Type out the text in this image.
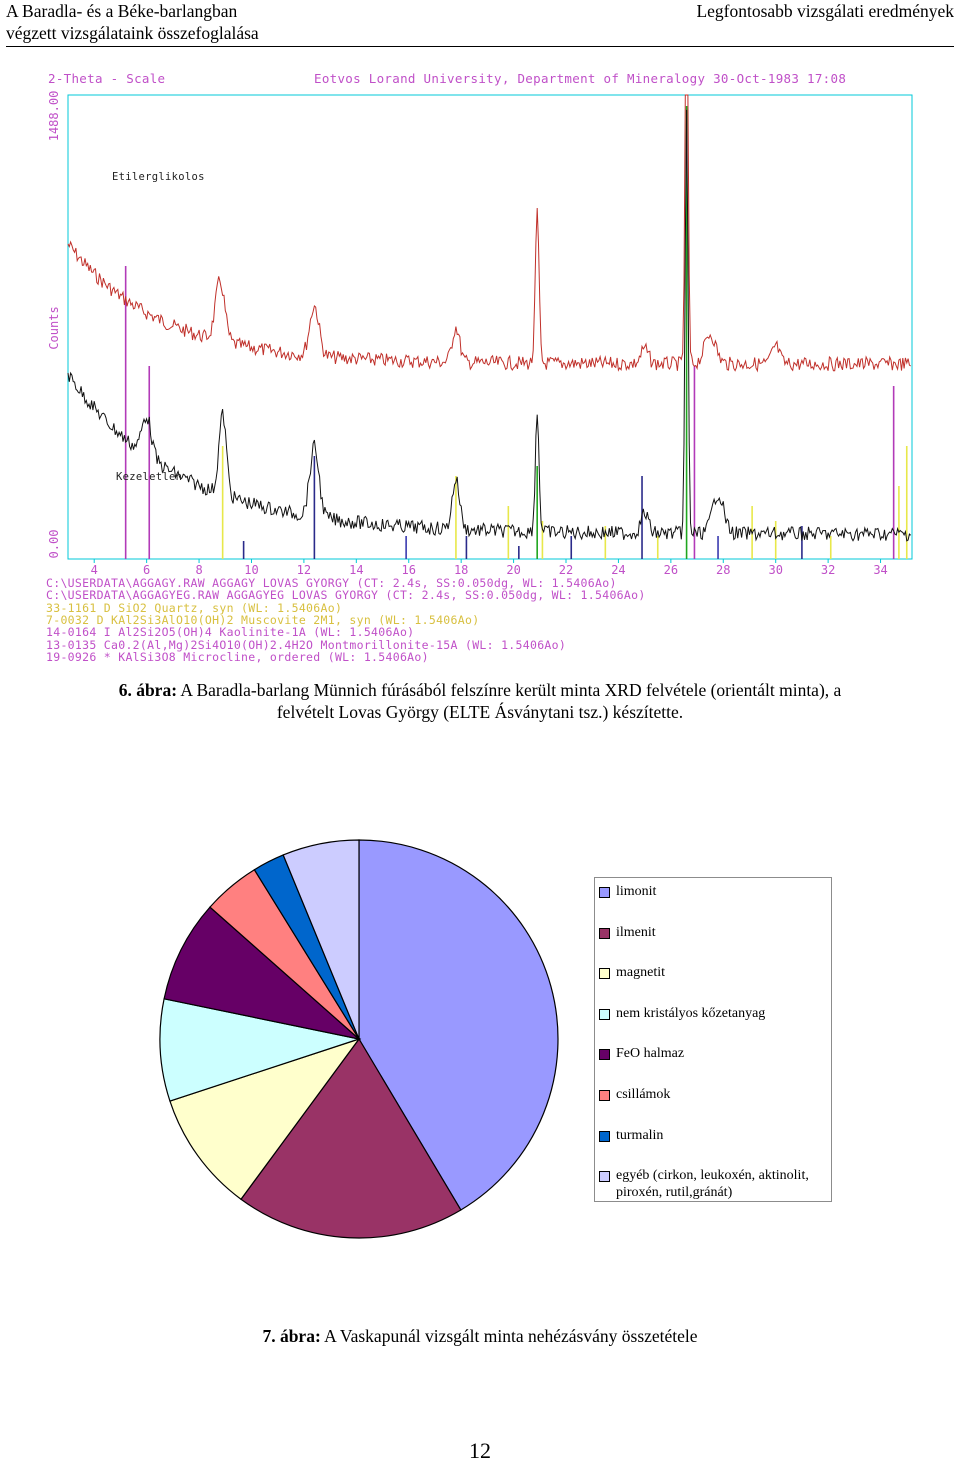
A Baradla- és a Béke-barlangban
végzett vizsgálataink összefoglalása
Legfontosabb vizsgálati eredmények
1488.00
Counts
0.00
4	6	8	10	12	14	16	18	20	22	24	26	28	30	32	34
2-Theta - Scale	Eotvos Lorand University, Department of Mineralogy 30-Oct-1983 17:08
Etilerglikolos
Kezeletlen
C:\USERDATA\AGGAGY.RAW AGGAGY LOVAS GYORGY (CT: 2.4s, SS:0.050dg, WL: 1.5406Ao)
C:\USERDATA\AGGAGYEG.RAW AGGAGYEG LOVAS GYORGY (CT: 2.4s, SS:0.050dg, WL: 1.5406Ao)
33-1161 D SiO2 Quartz, syn (WL: 1.5406Ao)
7-0032 D KAl2Si3AlO10(OH)2 Muscovite 2M1, syn (WL: 1.5406Ao)
14-0164 I Al2Si2O5(OH)4 Kaolinite-1A (WL: 1.5406Ao)
13-0135 Ca0.2(Al,Mg)2Si4O10(OH)2.4H2O Montmorillonite-15A (WL: 1.5406Ao)
19-0926 * KAlSi3O8 Microcline, ordered (WL: 1.5406Ao)
6. ábra: A Baradla-barlang Münnich fúrásából felszínre került minta XRD felvétele (orientált minta), a felvételt Lovas György (ELTE Ásványtani tsz.) készítette.
limonit
ilmenit
magnetit
nem kristályos kőzetanyag
FeO halmaz
csillámok
turmalin
egyéb (cirkon, leukoxén, aktinolit, piroxén, rutil,gránát)
7. ábra: A Vaskapunál vizsgált minta nehézásvány összetétele
12
